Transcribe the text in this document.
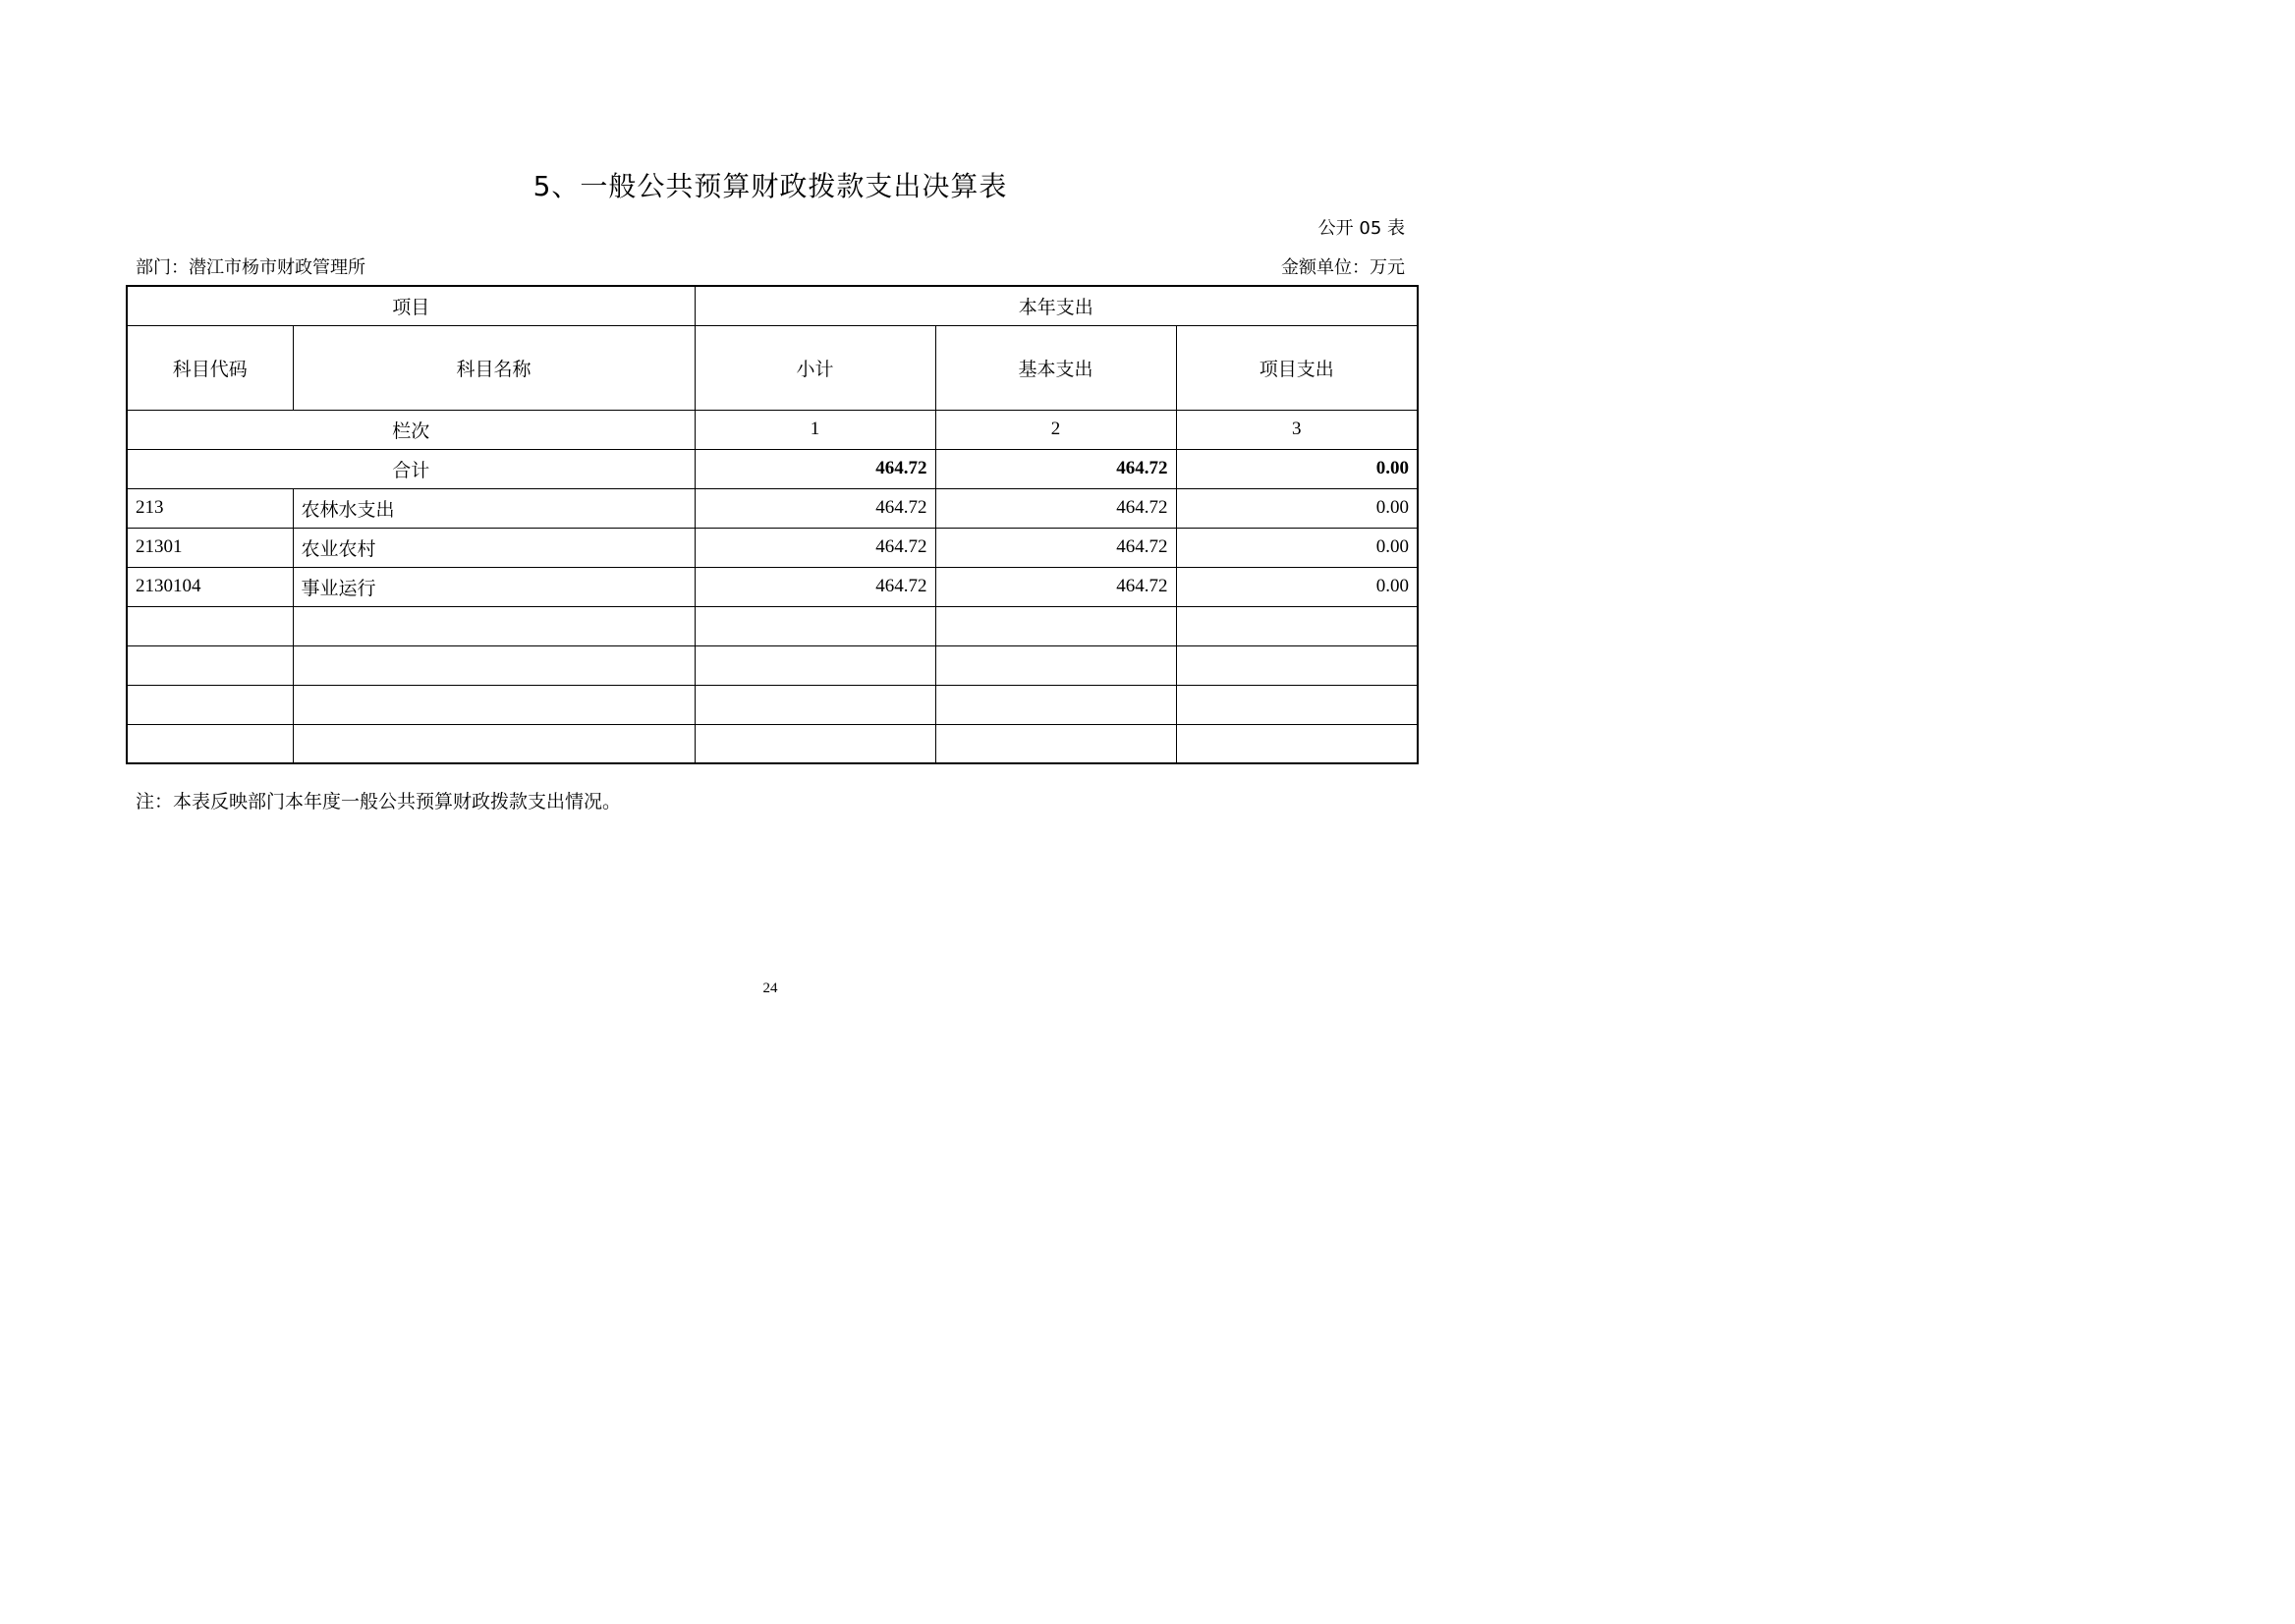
5、一般公共预算财政拨款支出决算表
公开 05 表
部门：潜江市杨市财政管理所	金额单位：万元
项目		本年支出		
科目代码	科目名称	小计	基本支出	项目支出
栏次		1	2	3
合计		464.72	464.72	0.00
213	农林水支出	464.72	464.72	0.00
21301	农业农村	464.72	464.72	0.00
2130104	事业运行	464.72	464.72	0.00

注：本表反映部门本年度一般公共预算财政拨款支出情况。
24
